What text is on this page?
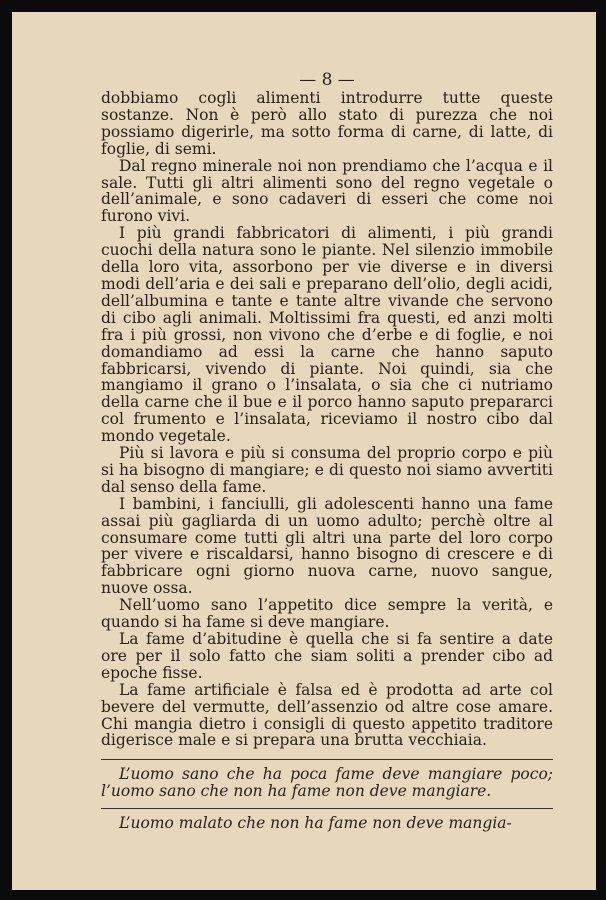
— 8 —

dobbiamo cogli alimenti introdurre tutte queste sostanze. Non è però allo stato di purezza che noi possiamo digerirle, ma sotto forma di carne, di latte, di foglie, di semi.

Dal regno minerale noi non prendiamo che l’acqua e il sale. Tutti gli altri alimenti sono del regno vegetale o dell’animale, e sono cadaveri di esseri che come noi furono vivi.

I più grandi fabbricatori di alimenti, i più grandi cuochi della natura sono le piante. Nel silenzio immobile della loro vita, assorbono per vie diverse e in diversi modi dell’aria e dei sali e preparano dell’olio, degli acidi, dell’albumina e tante e tante altre vivande che servono di cibo agli animali. Moltissimi fra questi, ed anzi molti fra i più grossi, non vivono che d’erbe e di foglie, e noi domandiamo ad essi la carne che hanno saputo fabbricarsi, vivendo di piante. Noi quindi, sia che mangiamo il grano o l’insalata, o sia che ci nutriamo della carne che il bue e il porco hanno saputo prepararci col frumento e l’insalata, riceviamo il nostro cibo dal mondo vegetale.

Più si lavora e più si consuma del proprio corpo e più si ha bisogno di mangiare; e di questo noi siamo avvertiti dal senso della fame.

I bambini, i fanciulli, gli adolescenti hanno una fame assai più gagliarda di un uomo adulto; perchè oltre al consumare come tutti gli altri una parte del loro corpo per vivere e riscaldarsi, hanno bisogno di crescere e di fabbricare ogni giorno nuova carne, nuovo sangue, nuove ossa.

Nell’uomo sano l’appetito dice sempre la verità, e quando si ha fame si deve mangiare.

La fame d’abitudine è quella che si fa sentire a date ore per il solo fatto che siam soliti a prender cibo ad epoche fisse.

La fame artificiale è falsa ed è prodotta ad arte col bevere del vermutte, dell’assenzio od altre cose amare. Chi mangia dietro i consigli di questo appetito traditore digerisce male e si prepara una brutta vecchiaia.

L’uomo sano che ha poca fame deve mangiare poco; l’uomo sano che non ha fame non deve mangiare.

L’uomo malato che non ha fame non deve mangia-
